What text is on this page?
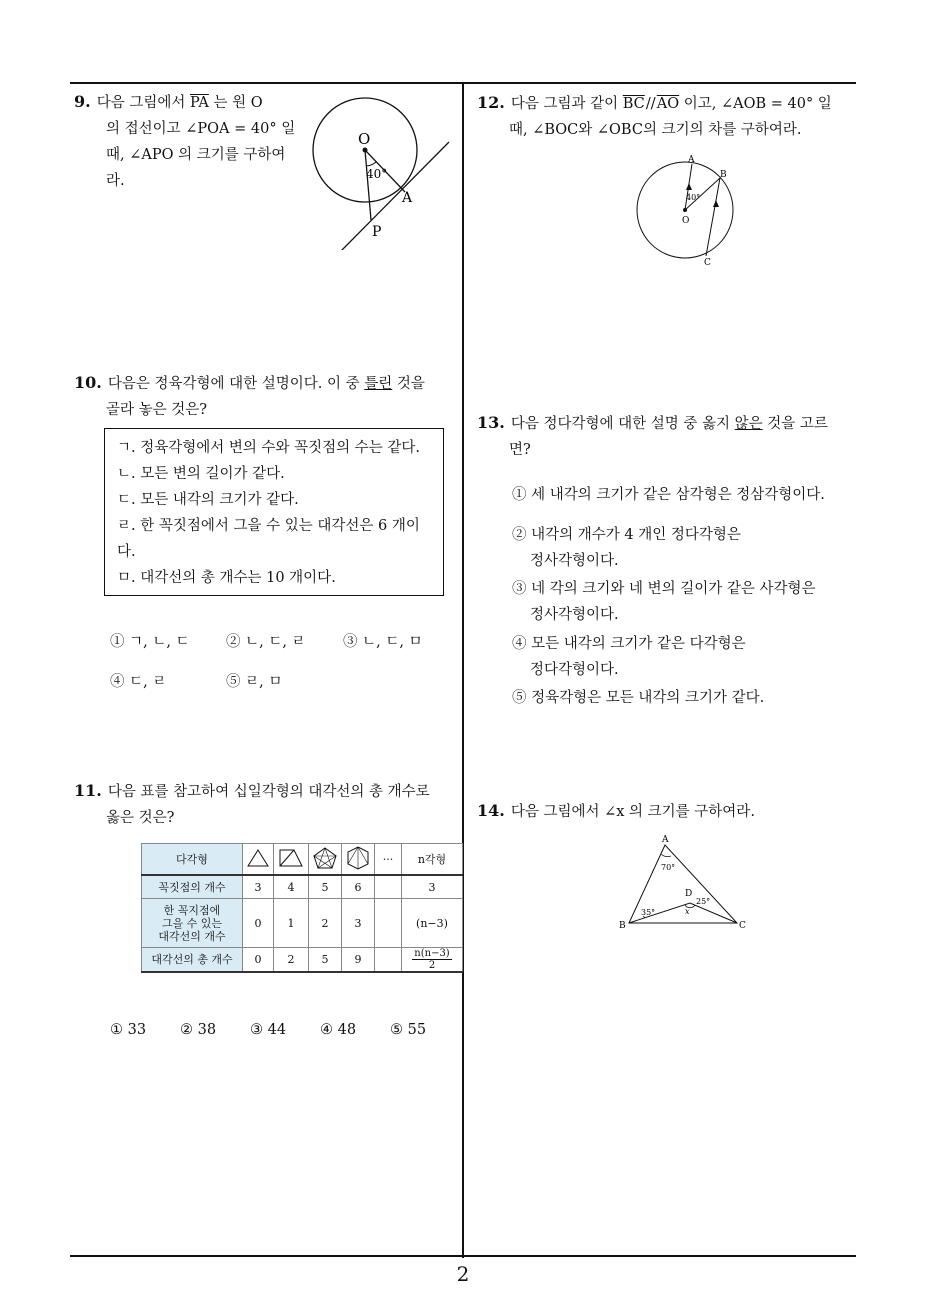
9. 다음 그림에서 $\overline{PA}$ 는 원 O
의 접선이고 ∠POA = 40° 일
때, ∠APO 의 크기를 구하여
라.
O
40°
A
P
10. 다음은 정육각형에 대한 설명이다. 이 중 틀린 것을
골라 놓은 것은?
ㄱ. 정육각형에서 변의 수와 꼭짓점의 수는 같다.
ㄴ. 모든 변의 길이가 같다.
ㄷ. 모든 내각의 크기가 같다.
ㄹ. 한 꼭짓점에서 그을 수 있는 대각선은 6 개이
다.
ㅁ. 대각선의 총 개수는 10 개이다.
① ㄱ, ㄴ, ㄷ	② ㄴ, ㄷ, ㄹ	③ ㄴ, ㄷ, ㅁ
④ ㄷ, ㄹ	⑤ ㄹ, ㅁ
11. 다음 표를 참고하여 십일각형의 대각선의 총 개수로
옳은 것은?
다각형					···	n각형
꼭짓점의 개수	3	4	5	6		3

한 꼭지점에
그을 수 있는
대각선의 개수	0	1	2	3		(n−3)
대각선의 총 개수	0	2	5	9		$\frac{n(n-3)}{2}$
① 33 ② 38 ③ 44 ④ 48 ⑤ 55
12. 다음 그림과 같이 $\overline{BC}//\overline{AO}$ 이고, ∠AOB = 40° 일
때, ∠BOC와 ∠OBC의 크기의 차를 구하여라.
A
B
O
C
40°
13. 다음 정다각형에 대한 설명 중 옳지 않은 것을 고르
면?
① 세 내각의 크기가 같은 삼각형은 정삼각형이다.
② 내각의 개수가 4 개인 정다각형은
정사각형이다.
③ 네 각의 크기와 네 변의 길이가 같은 사각형은
정사각형이다.
④ 모든 내각의 크기가 같은 다각형은
정다각형이다.
⑤ 정육각형은 모든 내각의 크기가 같다.
14. 다음 그림에서 ∠x 의 크기를 구하여라.
A
B	C
D
70°
35°
25°
x
2
